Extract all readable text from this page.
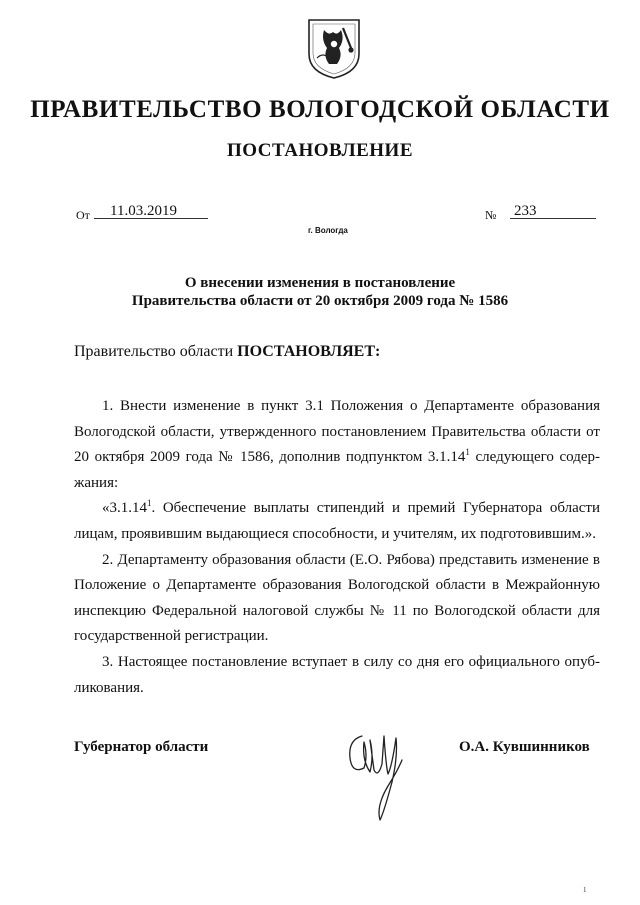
ПРАВИТЕЛЬСТВО ВОЛОГОДСКОЙ ОБЛАСТИ
ПОСТАНОВЛЕНИЕ
От	11.03.2019	№ 233
г. Вологда
О внесении изменения в постановление
Правительства области от 20 октября 2009 года № 1586
Правительство области ПОСТАНОВЛЯЕТ:

1. Внести изменение в пункт 3.1 Положения о Департаменте образования Вологодской области, утвержденного постановлением Правительства области от 20 октября 2009 года № 1586, дополнив подпунктом 3.1.14$^1$ следующего содер-жания:

«3.1.14$^1$. Обеспечение выплаты стипендий и премий Губернатора области лицам, проявившим выдающиеся способности, и учителям, их подготовившим.».

2. Департаменту образования области (Е.О. Рябова) представить изменение в Положение о Департаменте образования Вологодской области в Межрайонную инспекцию Федеральной налоговой службы № 11 по Вологодской области для государственной регистрации.

3. Настоящее постановление вступает в силу со дня его официального опуб-ликования.

Губернатор области	О.А. Кувшинников
1
